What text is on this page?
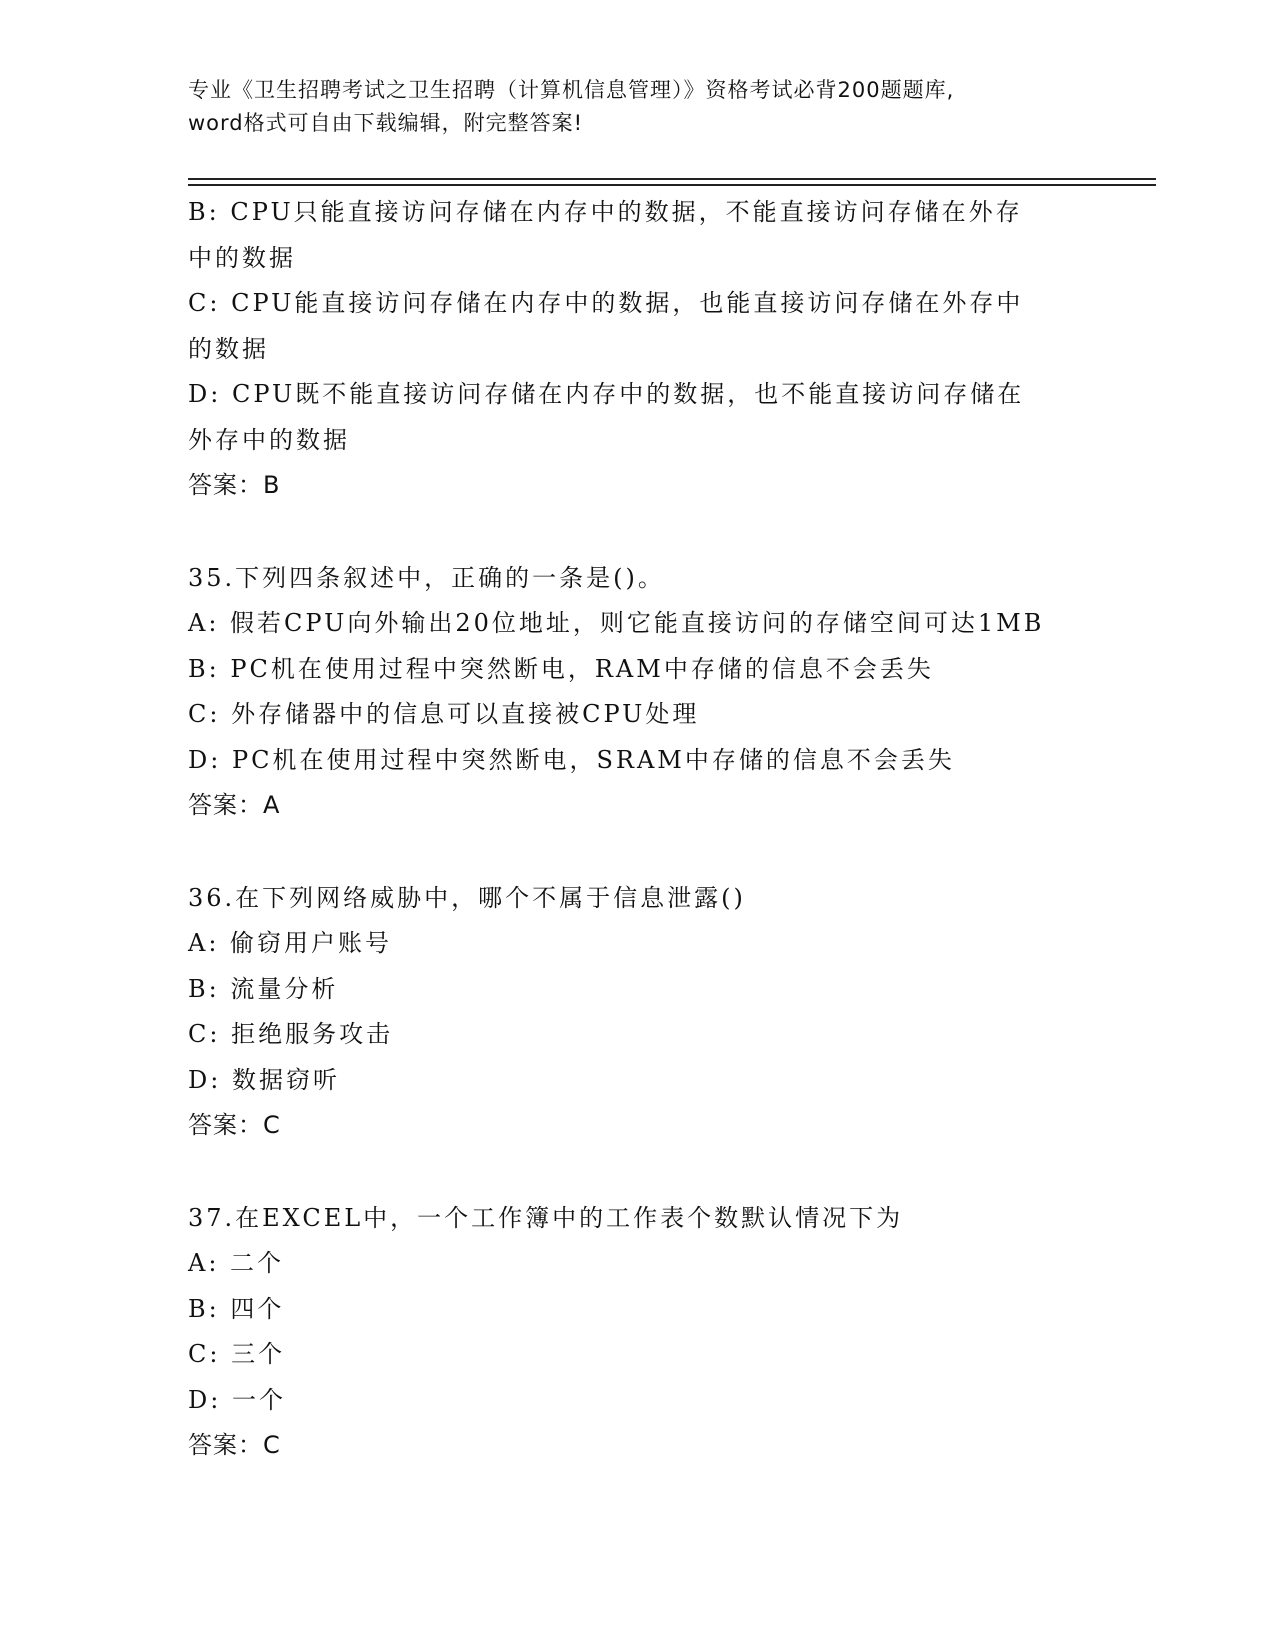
专业《卫生招聘考试之卫生招聘（计算机信息管理）》资格考试必背200题题库,
word格式可自由下载编辑，附完整答案!
B: CPU只能直接访问存储在内存中的数据，不能直接访问存储在外存
中的数据
C: CPU能直接访问存储在内存中的数据，也能直接访问存储在外存中
的数据
D: CPU既不能直接访问存储在内存中的数据，也不能直接访问存储在
外存中的数据
答案：B
35.下列四条叙述中，正确的一条是()。
A: 假若CPU向外输出20位地址，则它能直接访问的存储空间可达1MB
B: PC机在使用过程中突然断电，RAM中存储的信息不会丢失
C: 外存储器中的信息可以直接被CPU处理
D: PC机在使用过程中突然断电，SRAM中存储的信息不会丢失
答案：A
36.在下列网络威胁中，哪个不属于信息泄露()
A: 偷窃用户账号
B: 流量分析
C: 拒绝服务攻击
D: 数据窃听
答案：C
37.在EXCEL中，一个工作簿中的工作表个数默认情况下为
A: 二个
B: 四个
C: 三个
D: 一个
答案：C
